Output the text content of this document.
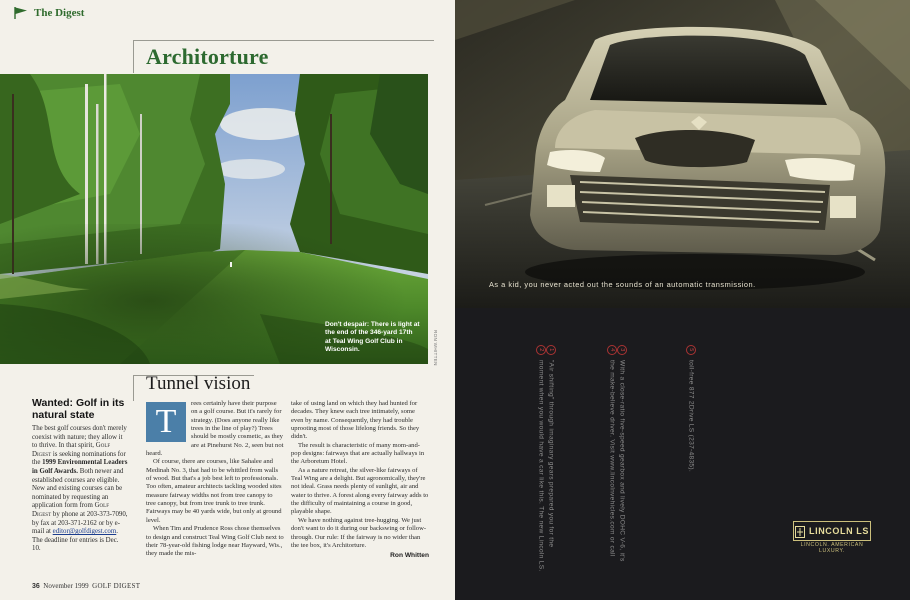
The Digest
Architorture
Don't despair: There is light at the end of the 346-yard 17th at Teal Wing Golf Club in Wisconsin.	RON WHITTEN
Wanted: Golf in its natural state
The best golf courses don't merely coexist with nature; they allow it to thrive. In that spirit, Golf Digest is seeking nominations for the 1999 Environmental Leaders in Golf Awards. Both newer and established courses are eligible. New and existing courses can be nominated by requesting an application form from Golf Digest by phone at 203-373-7090, by fax at 203-371-2162 or by e-mail at editor@golfdigest.com. The deadline for entries is Dec. 10.
Tunnel vision

T	rees certainly have their purpose on a golf course. But it's rarely for strategy. (Does anyone really like trees in the line of play?) Trees should be mostly cosmetic, as they are at Pinehurst No. 2, seen but not heard.

Of course, there are courses, like Sahalee and Medinah No. 3, that had to be whittled from walls of wood. But that's a job best left to professionals. Too often, amateur architects tackling wooded sites measure fairway widths not from tree canopy to tree canopy, but from tree trunk to tree trunk. Fairways may be 40 yards wide, but only at ground level.

When Tim and Prudence Ross chose themselves to design and construct Teal Wing Golf Club next to their 78-year-old fishing lodge near Hayward, Wis., they made the mis-

take of using land on which they had hunted for decades. They knew each tree intimately, some even by name. Consequently, they had trouble uprooting most of those lifelong friends. So they didn't.

The result is characteristic of many mom-and-pop designs: fairways that are actually hallways in the Arboretum Hotel.

As a nature retreat, the silver-like fairways of Teal Wing are a delight. But agronomically, they're not ideal. Grass needs plenty of sunlight, air and water to thrive. A forest along every fairway adds to the difficulty of maintaining a course in good, playable shape.

We have nothing against tree-hugging. We just don't want to do it during our backswing or follow-through. Our rule: If the fairway is no wider than the tee box, it's Architorture.

Ron Whitten
36 November 1999 GOLF DIGEST
As a kid, you never acted out the sounds of an automatic transmission.
1"Air shifting" through imaginary gears prepared you for the
2moment when you would have a car like this. The new Lincoln LS.
3With a close-ratio five-speed gearbox and lively DOHC V-6, it's
4the make-believe driver. Visit www.lincolnvehicles.com or call
5toll-free 877 2Drive LS (237-4835).
LINCOLN LS
LINCOLN. AMERICAN LUXURY.
